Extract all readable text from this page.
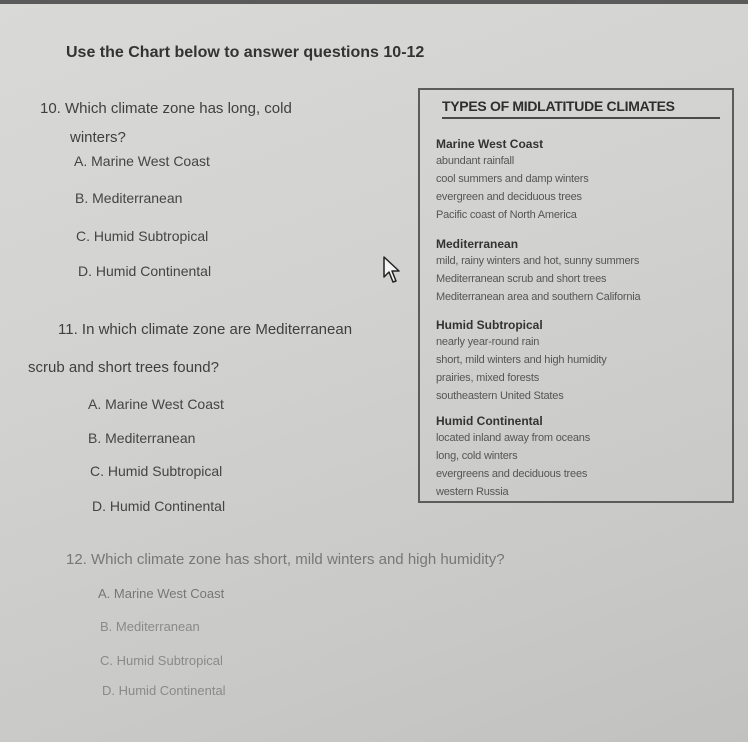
Use the Chart below to answer questions 10-12
10. Which climate zone has long, cold
winters?
A. Marine West Coast
B. Mediterranean
C. Humid Subtropical
D. Humid Continental
11. In which climate zone are Mediterranean
scrub and short trees found?
A. Marine West Coast
B. Mediterranean
C. Humid Subtropical
D. Humid Continental
12. Which climate zone has short, mild winters and high humidity?
A. Marine West Coast
B. Mediterranean
C. Humid Subtropical
D. Humid Continental
TYPES OF MIDLATITUDE CLIMATES
Marine West Coast
abundant rainfall
cool summers and damp winters
evergreen and deciduous trees
Pacific coast of North America
Mediterranean
mild, rainy winters and hot, sunny summers
Mediterranean scrub and short trees
Mediterranean area and southern California
Humid Subtropical
nearly year-round rain
short, mild winters and high humidity
prairies, mixed forests
southeastern United States
Humid Continental
located inland away from oceans
long, cold winters
evergreens and deciduous trees
western Russia
